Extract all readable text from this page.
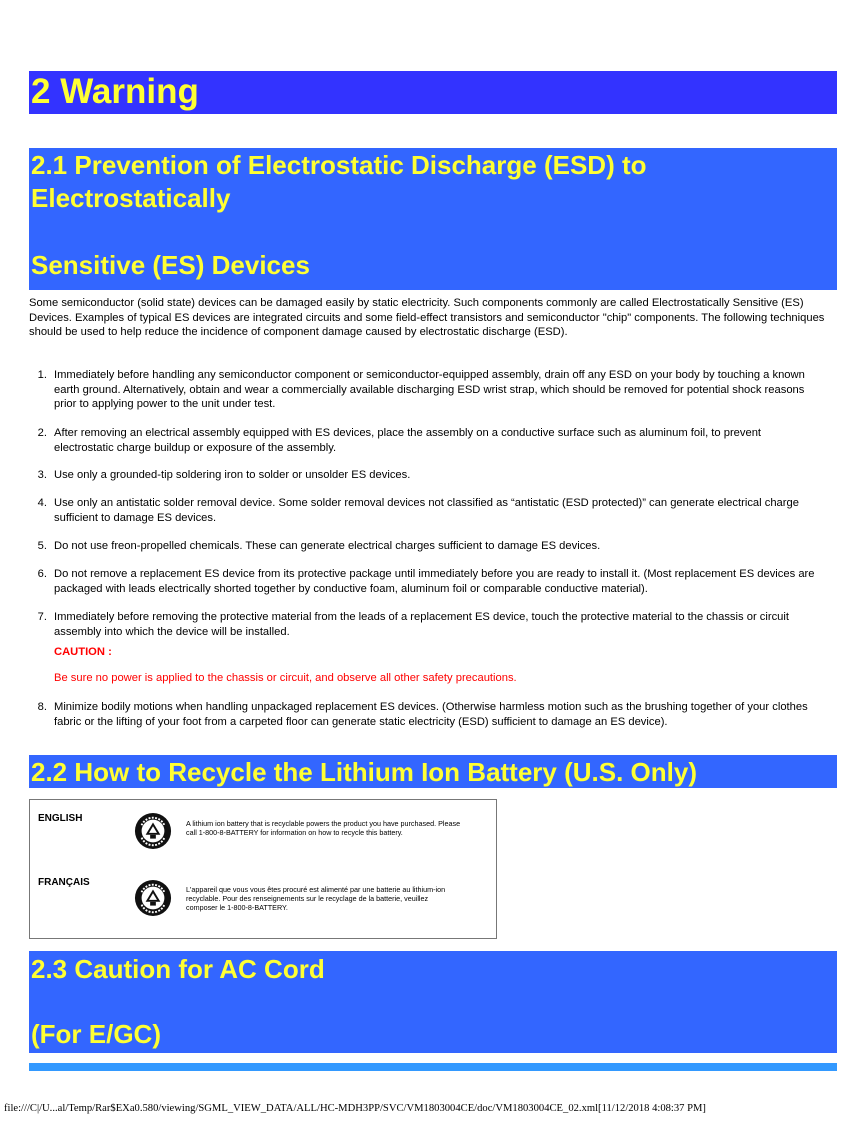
2 Warning
2.1 Prevention of Electrostatic Discharge (ESD) to
Electrostatically
Sensitive (ES) Devices
Some semiconductor (solid state) devices can be damaged easily by static electricity. Such components commonly are called Electrostatically Sensitive (ES) Devices. Examples of typical ES devices are integrated circuits and some field-effect transistors and semiconductor "chip" components. The following techniques should be used to help reduce the incidence of component damage caused by electrostatic discharge (ESD).
1. Immediately before handling any semiconductor component or semiconductor-equipped assembly, drain off any ESD on your body by touching a known earth ground. Alternatively, obtain and wear a commercially available discharging ESD wrist strap, which should be removed for potential shock reasons prior to applying power to the unit under test.
2. After removing an electrical assembly equipped with ES devices, place the assembly on a conductive surface such as aluminum foil, to prevent electrostatic charge buildup or exposure of the assembly.
3. Use only a grounded-tip soldering iron to solder or unsolder ES devices.
4. Use only an antistatic solder removal device. Some solder removal devices not classified as “antistatic (ESD protected)” can generate electrical charge sufficient to damage ES devices.
5. Do not use freon-propelled chemicals. These can generate electrical charges sufficient to damage ES devices.
6. Do not remove a replacement ES device from its protective package until immediately before you are ready to install it. (Most replacement ES devices are packaged with leads electrically shorted together by conductive foam, aluminum foil or comparable conductive material).
7. Immediately before removing the protective material from the leads of a replacement ES device, touch the protective material to the chassis or circuit assembly into which the device will be installed.
CAUTION :
Be sure no power is applied to the chassis or circuit, and observe all other safety precautions.
8. Minimize bodily motions when handling unpackaged replacement ES devices. (Otherwise harmless motion such as the brushing together of your clothes fabric or the lifting of your foot from a carpeted floor can generate static electricity (ESD) sufficient to damage an ES device).
2.2 How to Recycle the Lithium Ion Battery (U.S. Only)
ENGLISH	A lithium ion battery that is recyclable powers the product you have purchased. Please call 1-800-8-BATTERY for information on how to recycle this battery.
FRANÇAIS
L'appareil que vous vous êtes procuré est alimenté par une batterie au lithium-ion recyclable. Pour des renseignements sur le recyclage de la batterie, veuillez composer le 1-800-8-BATTERY.
2.3 Caution for AC Cord
(For E/GC)
file:///C|/U...al/Temp/Rar$EXa0.580/viewing/SGML_VIEW_DATA/ALL/HC-MDH3PP/SVC/VM1803004CE/doc/VM1803004CE_02.xml[11/12/2018 4:08:37 PM]
